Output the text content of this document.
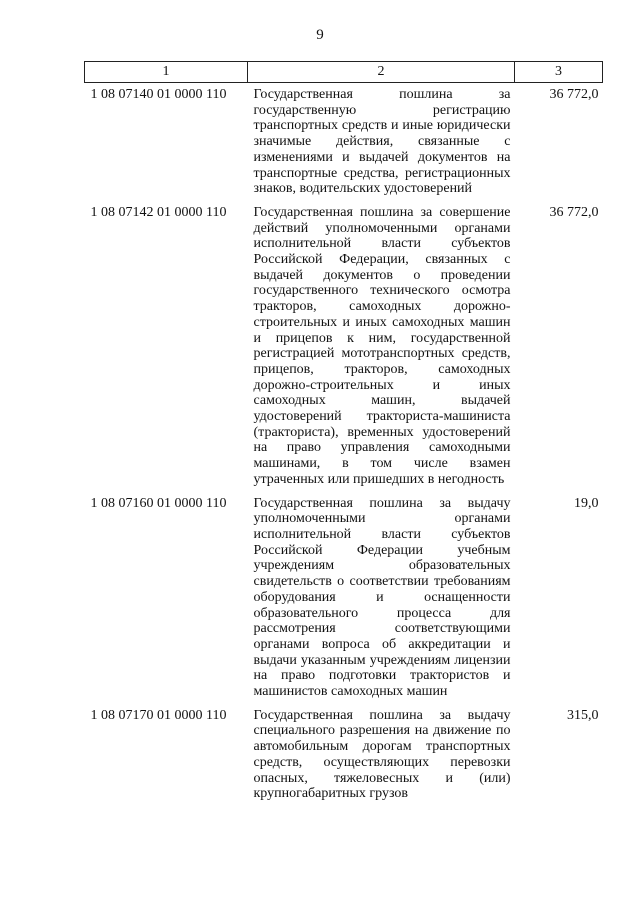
9
1	2	3
1 08 07140 01 0000 110	Государственная пошлина за государственную регистрацию транспортных средств и иные юридически значимые действия, связанные с изменениями и выдачей документов на транспортные средства, регистрационных знаков, водительских удостоверений	36 772,0
1 08 07142 01 0000 110	Государственная пошлина за совершение действий уполномоченными органами исполнительной власти субъектов Российской Федерации, связанных с выдачей документов о проведении государственного технического осмотра тракторов, самоходных дорожно-строительных и иных самоходных машин и прицепов к ним, государственной регистрацией мототранспортных средств, прицепов, тракторов, самоходных дорожно-строительных и иных самоходных машин, выдачей удостоверений тракториста-машиниста (тракториста), временных удостоверений на право управления самоходными машинами, в том числе взамен утраченных или пришедших в негодность	36 772,0
1 08 07160 01 0000 110	Государственная пошлина за выдачу уполномоченными органами исполнительной власти субъектов Российской Федерации учебным учреждениям образовательных свидетельств о соответствии требованиям оборудования и оснащенности образовательного процесса для рассмотрения соответствующими органами вопроса об аккредитации и выдачи указанным учреждениям лицензии на право подготовки трактористов и машинистов самоходных машин	19,0
1 08 07170 01 0000 110	Государственная пошлина за выдачу специального разрешения на движение по автомобильным дорогам транспортных средств, осуществляющих перевозки опасных, тяжеловесных и (или) крупногабаритных грузов	315,0
